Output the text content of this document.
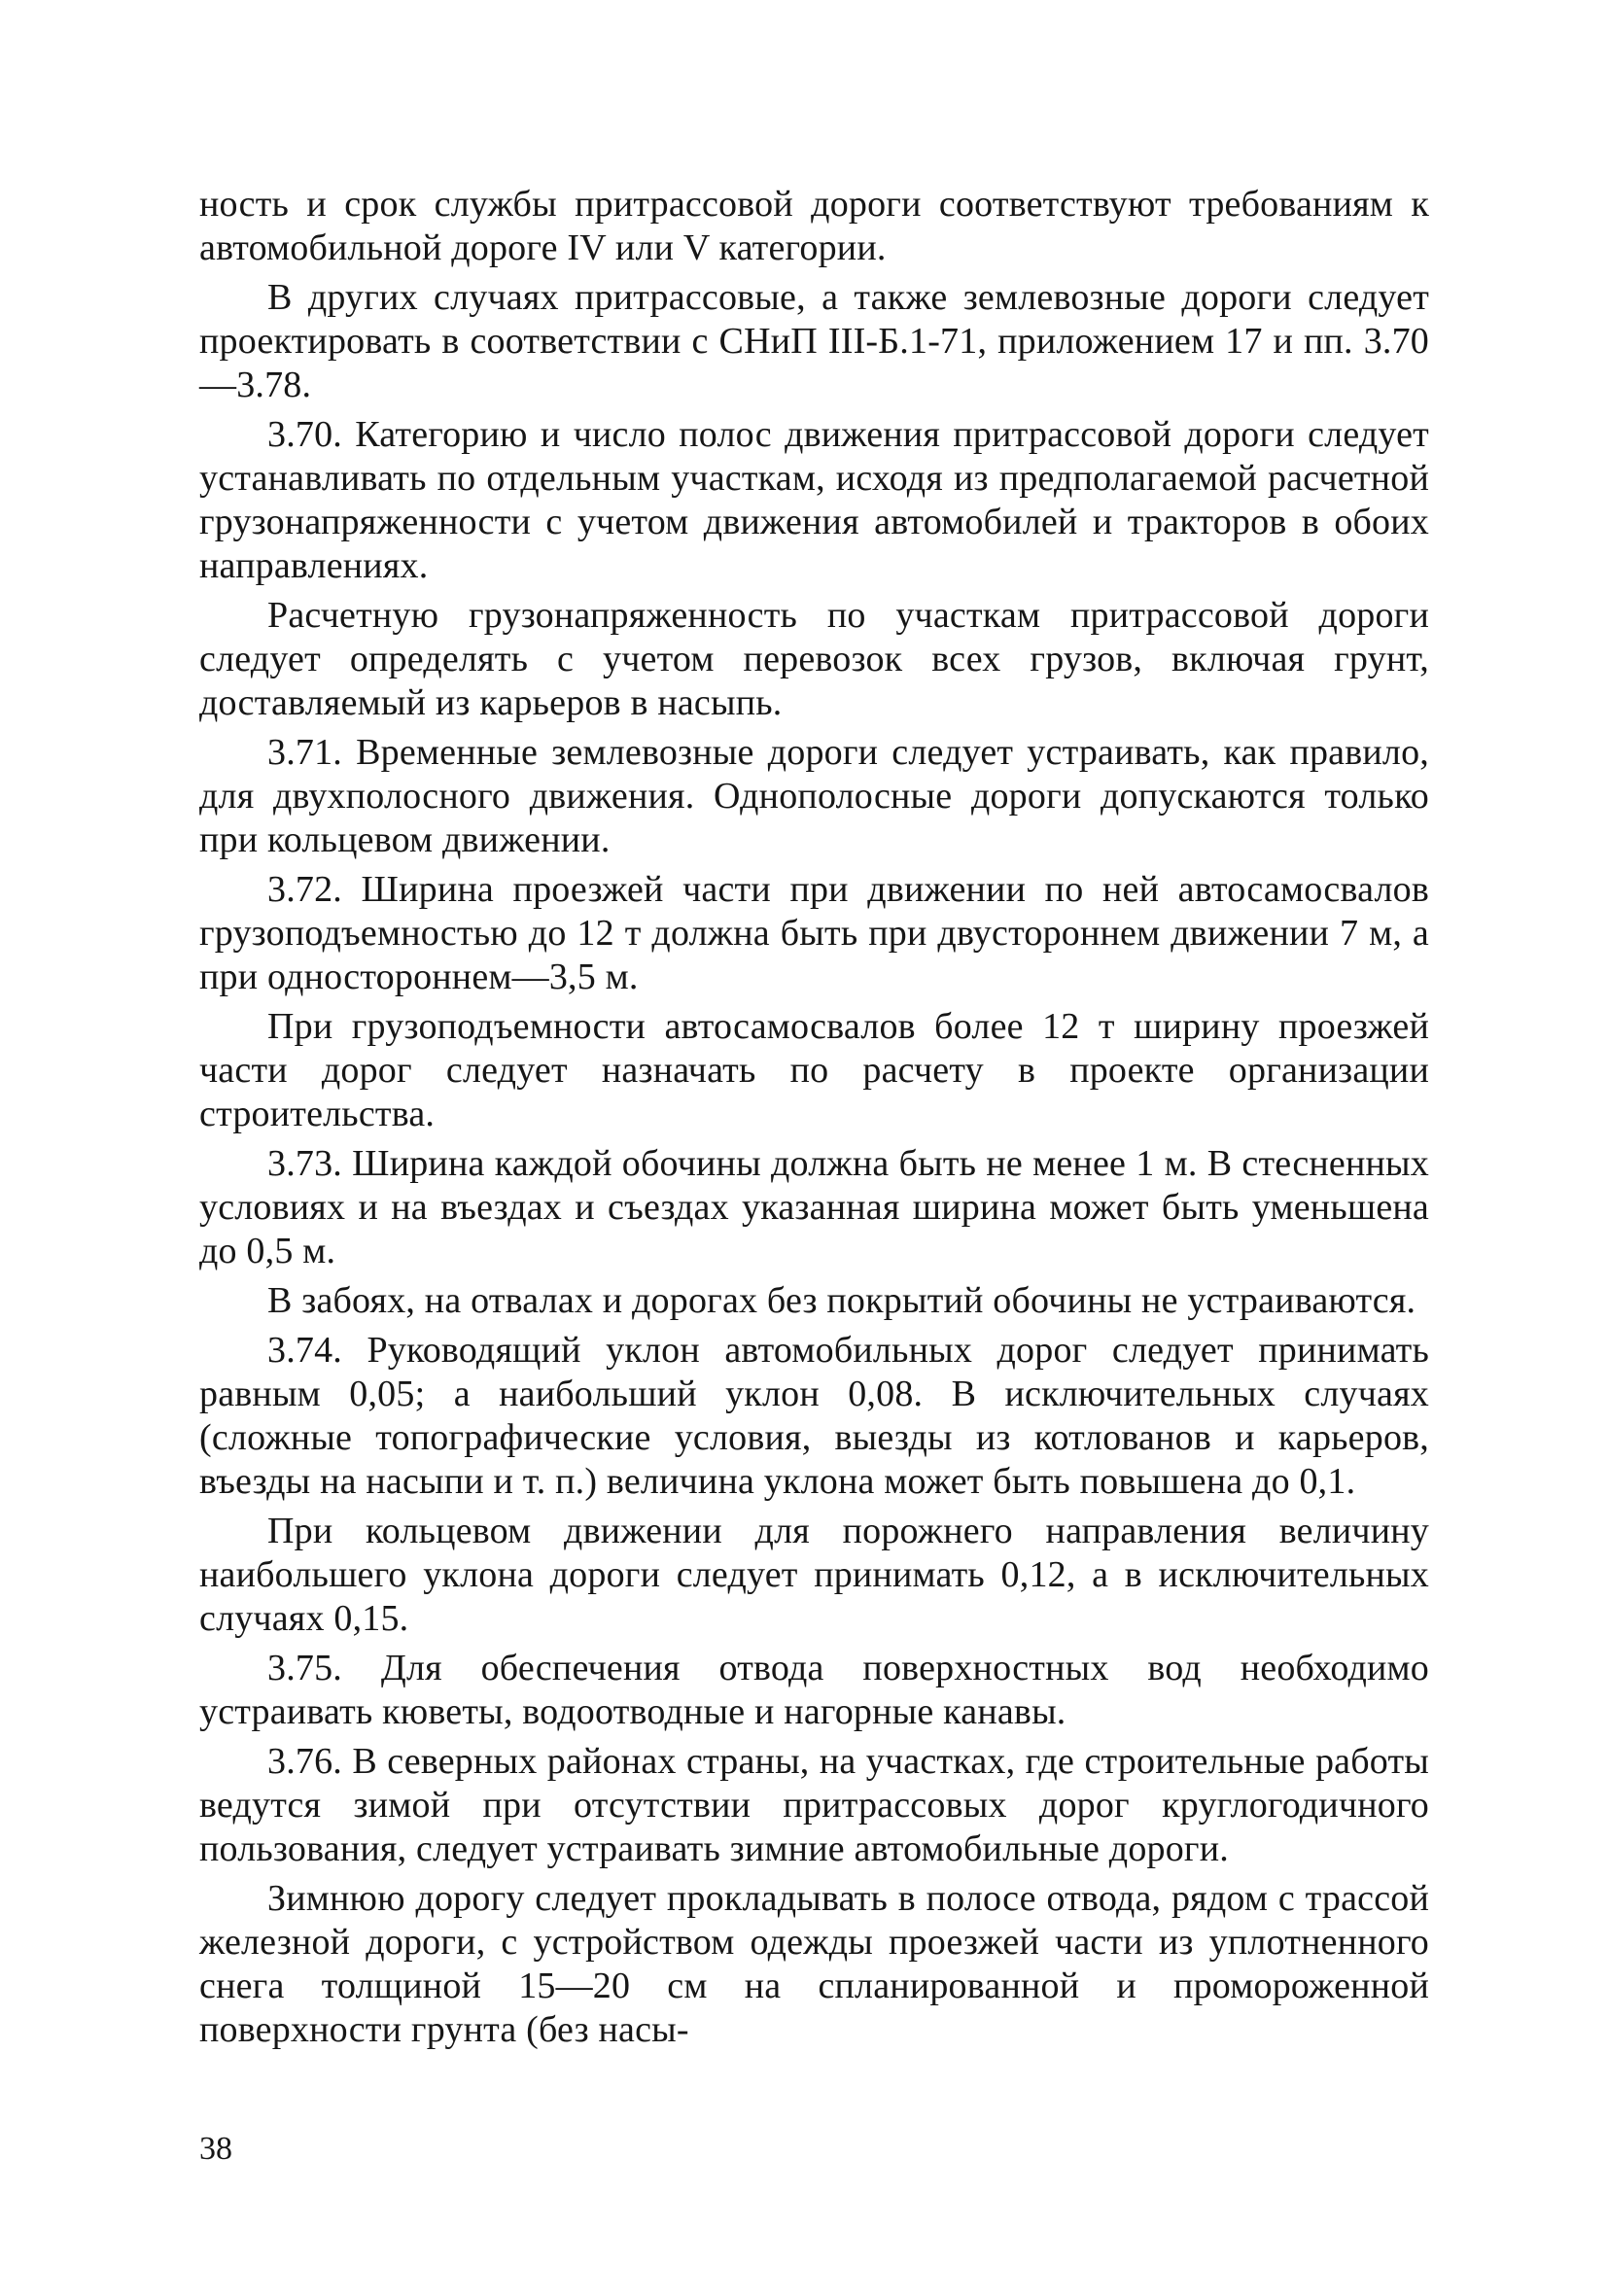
ность и срок службы притрассовой дороги соответствуют требованиям к автомобильной дороге IV или V категории.

В других случаях притрассовые, а также землевозные дороги следует проектировать в соответствии с СНиП III-Б.1-71, приложением 17 и пп. 3.70—3.78.

3.70. Категорию и число полос движения притрассовой дороги следует устанавливать по отдельным участкам, исходя из предполагаемой расчетной грузонапряженности с учетом движения автомобилей и тракторов в обоих направлениях.

Расчетную грузонапряженность по участкам притрассовой дороги следует определять с учетом перевозок всех грузов, включая грунт, доставляемый из карьеров в насыпь.

3.71. Временные землевозные дороги следует устраивать, как правило, для двухполосного движения. Однополосные дороги допускаются только при кольцевом движении.

3.72. Ширина проезжей части при движении по ней автосамосвалов грузоподъемностью до 12 т должна быть при двустороннем движении 7 м, а при одностороннем—3,5 м.

При грузоподъемности автосамосвалов более 12 т ширину проезжей части дорог следует назначать по расчету в проекте организации строительства.

3.73. Ширина каждой обочины должна быть не менее 1 м. В стесненных условиях и на въездах и съездах указанная ширина может быть уменьшена до 0,5 м.

В забоях, на отвалах и дорогах без покрытий обочины не устраиваются.

3.74. Руководящий уклон автомобильных дорог следует принимать равным 0,05; а наибольший уклон 0,08. В исключительных случаях (сложные топографические условия, выезды из котлованов и карьеров, въезды на насыпи и т. п.) величина уклона может быть повышена до 0,1.

При кольцевом движении для порожнего направления величину наибольшего уклона дороги следует принимать 0,12, а в исключительных случаях 0,15.

3.75. Для обеспечения отвода поверхностных вод необходимо устраивать кюветы, водоотводные и нагорные канавы.

3.76. В северных районах страны, на участках, где строительные работы ведутся зимой при отсутствии притрассовых дорог круглогодичного пользования, следует устраивать зимние автомобильные дороги.

Зимнюю дорогу следует прокладывать в полосе отвода, рядом с трассой железной дороги, с устройством одежды проезжей части из уплотненного снега толщиной 15—20 см на спланированной и промороженной поверхности грунта (без насы-

38
